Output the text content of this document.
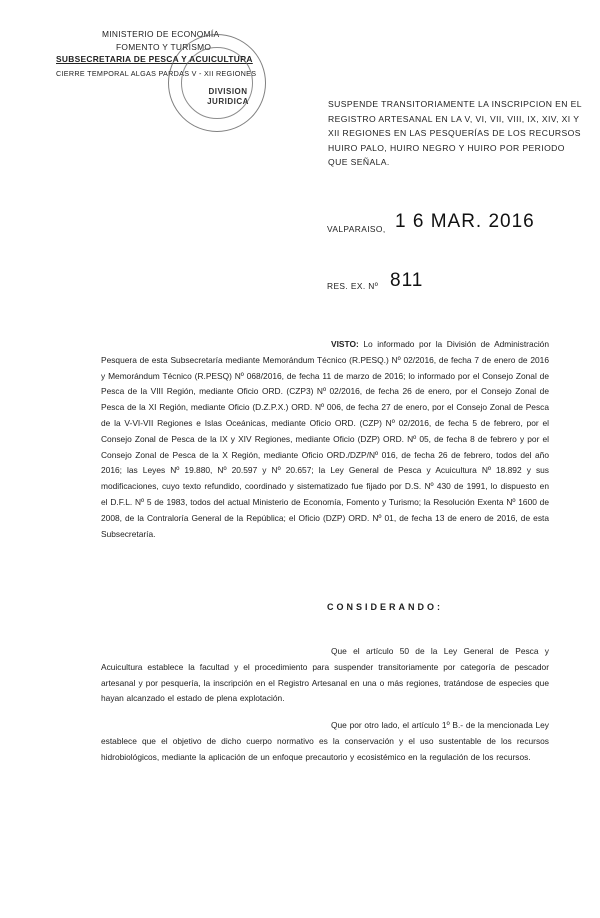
MINISTERIO DE ECONOMÍA
FOMENTO Y TURISMO
SUBSECRETARIA DE PESCA Y ACUICULTURA
CIERRE TEMPORAL ALGAS PARDAS V - XII REGIONES
DIVISION JURIDICA	SUSPENDE TRANSITORIAMENTE LA INSCRIPCION EN EL REGISTRO ARTESANAL EN LA V, VI, VII, VIII, IX, XIV, XI Y XII REGIONES EN LAS PESQUERÍAS DE LOS RECURSOS HUIRO PALO, HUIRO NEGRO Y HUIRO POR PERIODO QUE SEÑALA.
VALPARAISO, 1 6 MAR. 2016
RES. EX. Nº 811
VISTO: Lo informado por la División de Administración Pesquera de esta Subsecretaría mediante Memorándum Técnico (R.PESQ.) Nº 02/2016, de fecha 7 de enero de 2016 y Memorándum Técnico (R.PESQ) Nº 068/2016, de fecha 11 de marzo de 2016; lo informado por el Consejo Zonal de Pesca de la VIII Región, mediante Oficio ORD. (CZP3) Nº 02/2016, de fecha 26 de enero, por el Consejo Zonal de Pesca de la XI Región, mediante Oficio (D.Z.P.X.) ORD. Nº 006, de fecha 27 de enero, por el Consejo Zonal de Pesca de la V-VI-VII Regiones e Islas Oceánicas, mediante Oficio ORD. (CZP) Nº 02/2016, de fecha 5 de febrero, por el Consejo Zonal de Pesca de la IX y XIV Regiones, mediante Oficio (DZP) ORD. Nº 05, de fecha 8 de febrero y por el Consejo Zonal de Pesca de la X Región, mediante Oficio ORD./DZP/Nº 016, de fecha 26 de febrero, todos del año 2016; las Leyes Nº 19.880, Nº 20.597 y Nº 20.657; la Ley General de Pesca y Acuicultura Nº 18.892 y sus modificaciones, cuyo texto refundido, coordinado y sistematizado fue fijado por D.S. Nº 430 de 1991, lo dispuesto en el D.F.L. Nº 5 de 1983, todos del actual Ministerio de Economía, Fomento y Turismo; la Resolución Exenta Nº 1600 de 2008, de la Contraloría General de la República; el Oficio (DZP) ORD. Nº 01, de fecha 13 de enero de 2016, de esta Subsecretaría.
CONSIDERANDO:
Que el artículo 50 de la Ley General de Pesca y Acuicultura establece la facultad y el procedimiento para suspender transitoriamente por categoría de pescador artesanal y por pesquería, la inscripción en el Registro Artesanal en una o más regiones, tratándose de especies que hayan alcanzado el estado de plena explotación.
Que por otro lado, el artículo 1º B.- de la mencionada Ley establece que el objetivo de dicho cuerpo normativo es la conservación y el uso sustentable de los recursos hidrobiológicos, mediante la aplicación de un enfoque precautorio y ecosistémico en la regulación de los recursos.
